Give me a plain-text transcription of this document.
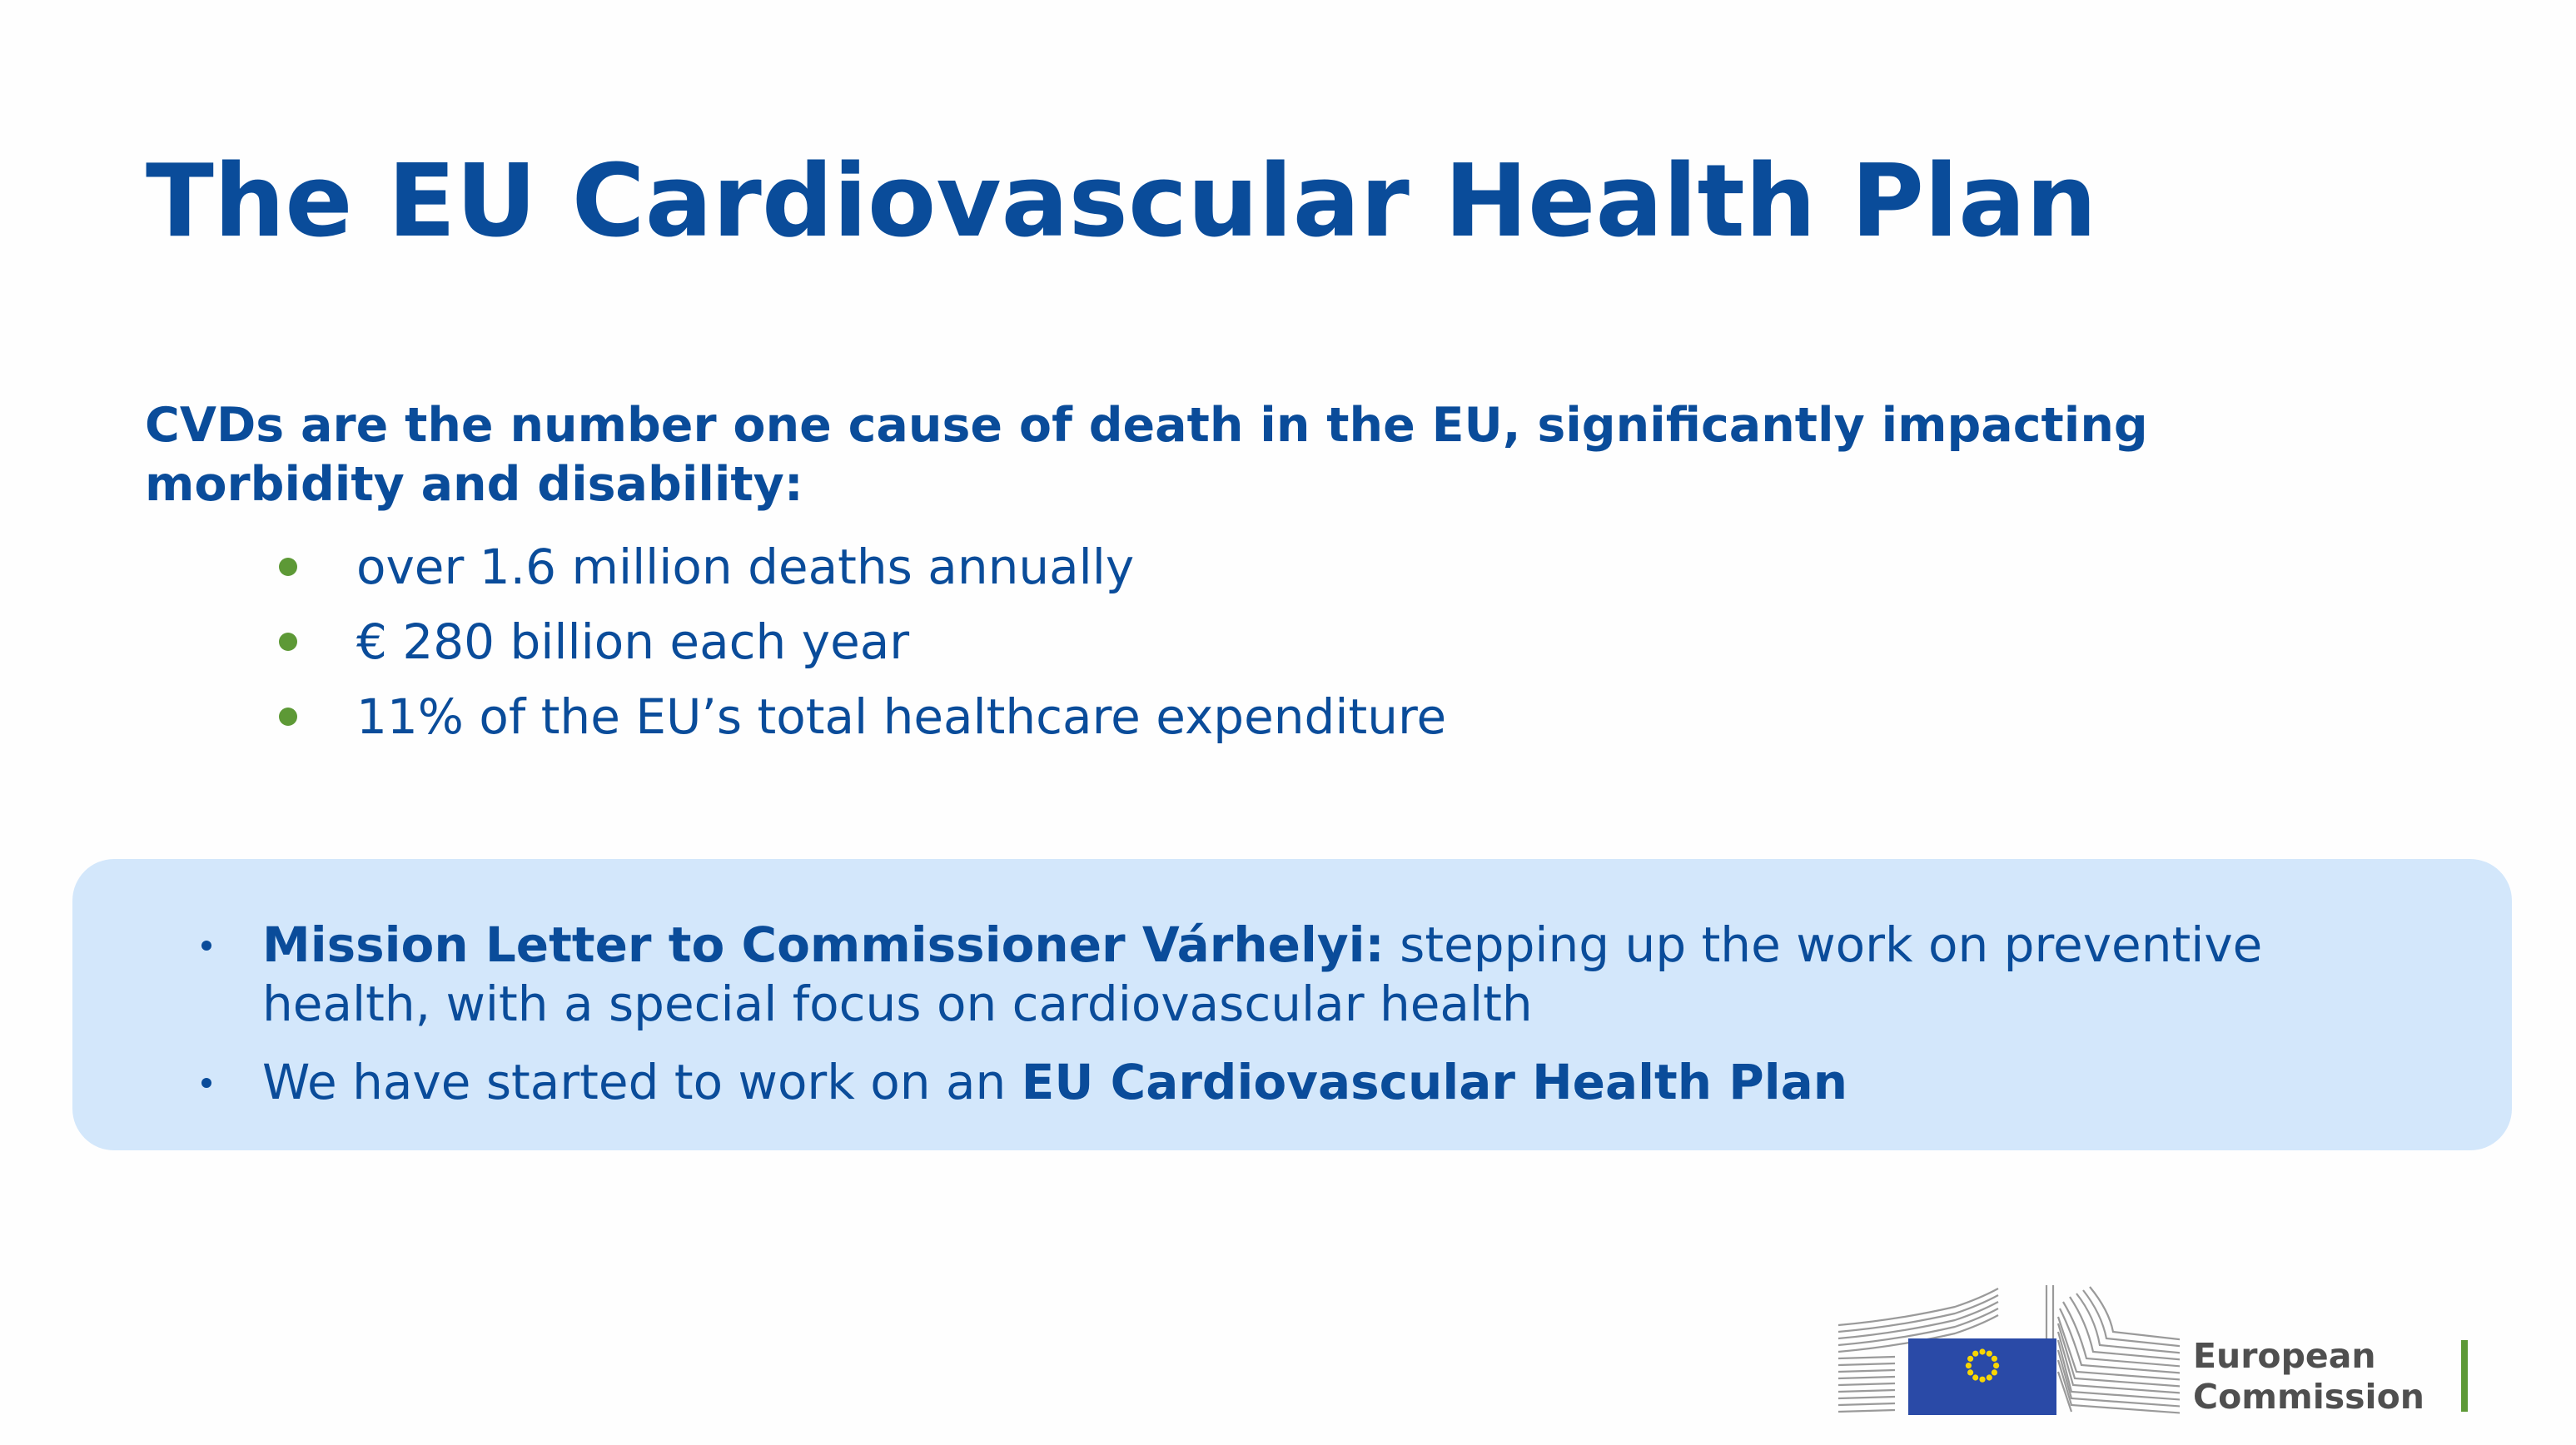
The EU Cardiovascular Health Plan

CVDs are the number one cause of death in the EU, significantly impacting morbidity and disability:

over 1.6 million deaths annually
€ 280 billion each year
11% of the EU’s total healthcare expenditure
Mission Letter to Commissioner Várhelyi: stepping up the work on preventive health, with a special focus on cardiovascular health
We have started to work on an EU Cardiovascular Health Plan
European
Commission
